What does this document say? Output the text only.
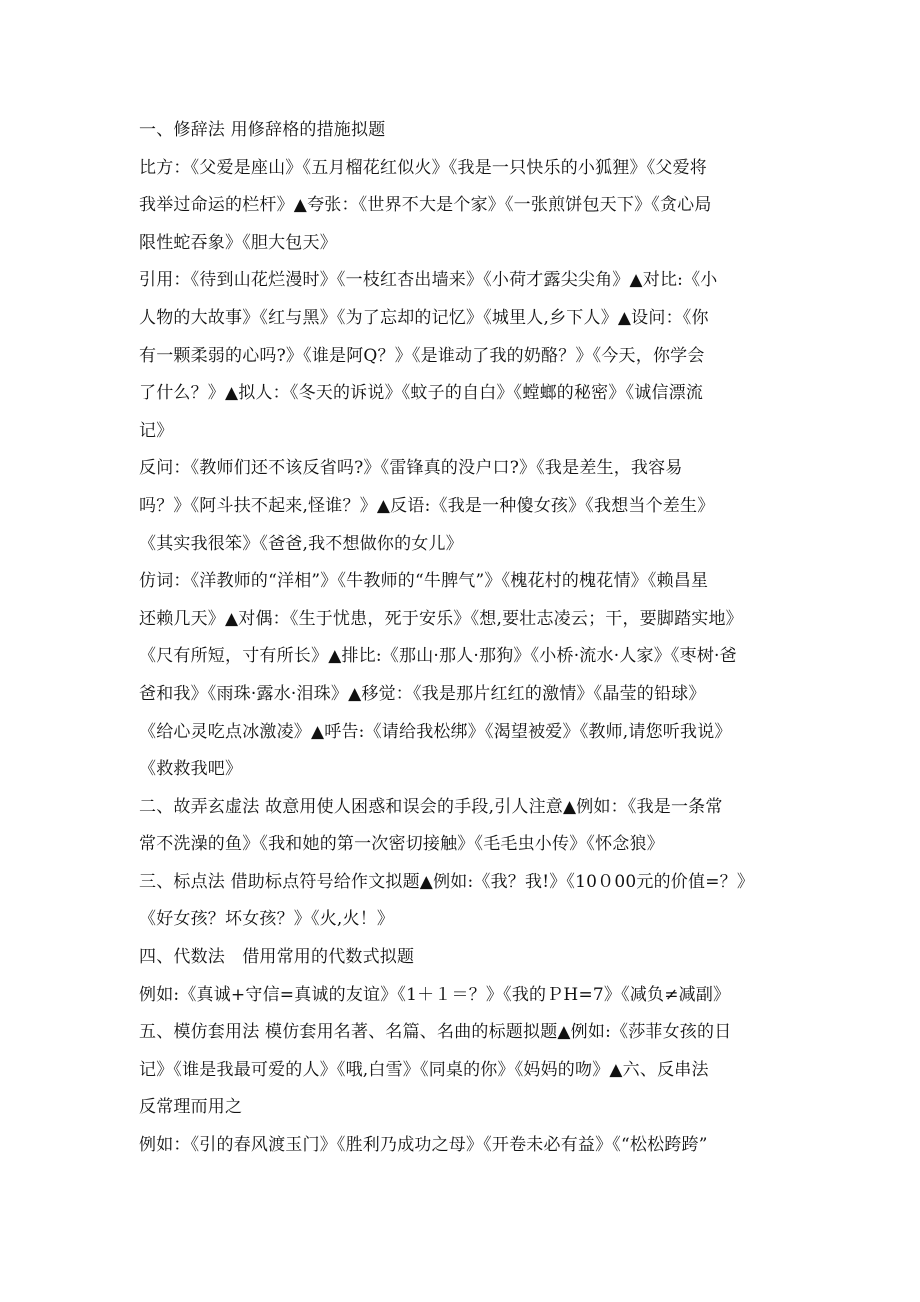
一、修辞法 用修辞格的措施拟题
比方：《父爱是座山》《五月榴花红似火》《我是一只快乐的小狐狸》《父爱将
我举过命运的栏杆》▲夸张：《世界不大是个家》《一张煎饼包天下》《贪心局
限性蛇吞象》《胆大包天》
引用：《待到山花烂漫时》《一枝红杏出墙来》《小荷才露尖尖角》▲对比:《小
人物的大故事》《红与黑》《为了忘却的记忆》《城里人,乡下人》▲设问：《你
有一颗柔弱的心吗?》《谁是阿Q？》《是谁动了我的奶酪？》《今天，你学会
了什么？》▲拟人：《冬天的诉说》《蚊子的自白》《螳螂的秘密》《诚信漂流
记》
反问：《教师们还不该反省吗?》《雷锋真的没户口?》《我是差生，我容易
吗？》《阿斗扶不起来,怪谁？》▲反语:《我是一种傻女孩》《我想当个差生》
《其实我很笨》《爸爸,我不想做你的女儿》
仿词：《洋教师的“洋相”》《牛教师的“牛脾气”》《槐花村的槐花情》《赖昌星
还赖几天》▲对偶：《生于忧患，死于安乐》《想,要壮志凌云；干，要脚踏实地》
《尺有所短，寸有所长》▲排比:《那山·那人·那狗》《小桥·流水·人家》《枣树·爸
爸和我》《雨珠·露水·泪珠》▲移觉：《我是那片红红的激情》《晶莹的铅球》
《给心灵吃点冰激凌》▲呼告:《请给我松绑》《渴望被爱》《教师,请您听我说》
《救救我吧》
二、故弄玄虚法 故意用使人困惑和误会的手段,引人注意▲例如：《我是一条常
常不洗澡的鱼》《我和她的第一次密切接触》《毛毛虫小传》《怀念狼》
三、标点法 借助标点符号给作文拟题▲例如:《我？我!》《10０00元的价值=？》
《好女孩？坏女孩？》《火,火！》
四、代数法　借用常用的代数式拟题
例如:《真诚+守信=真诚的友谊》《1＋１＝？》《我的ＰH=7》《减负≠减副》
五、模仿套用法 模仿套用名著、名篇、名曲的标题拟题▲例如:《莎菲女孩的日
记》《谁是我最可爱的人》《哦,白雪》《同桌的你》《妈妈的吻》▲六、反串法
反常理而用之
例如：《引的春风渡玉门》《胜利乃成功之母》《开卷未必有益》《“松松跨跨”
